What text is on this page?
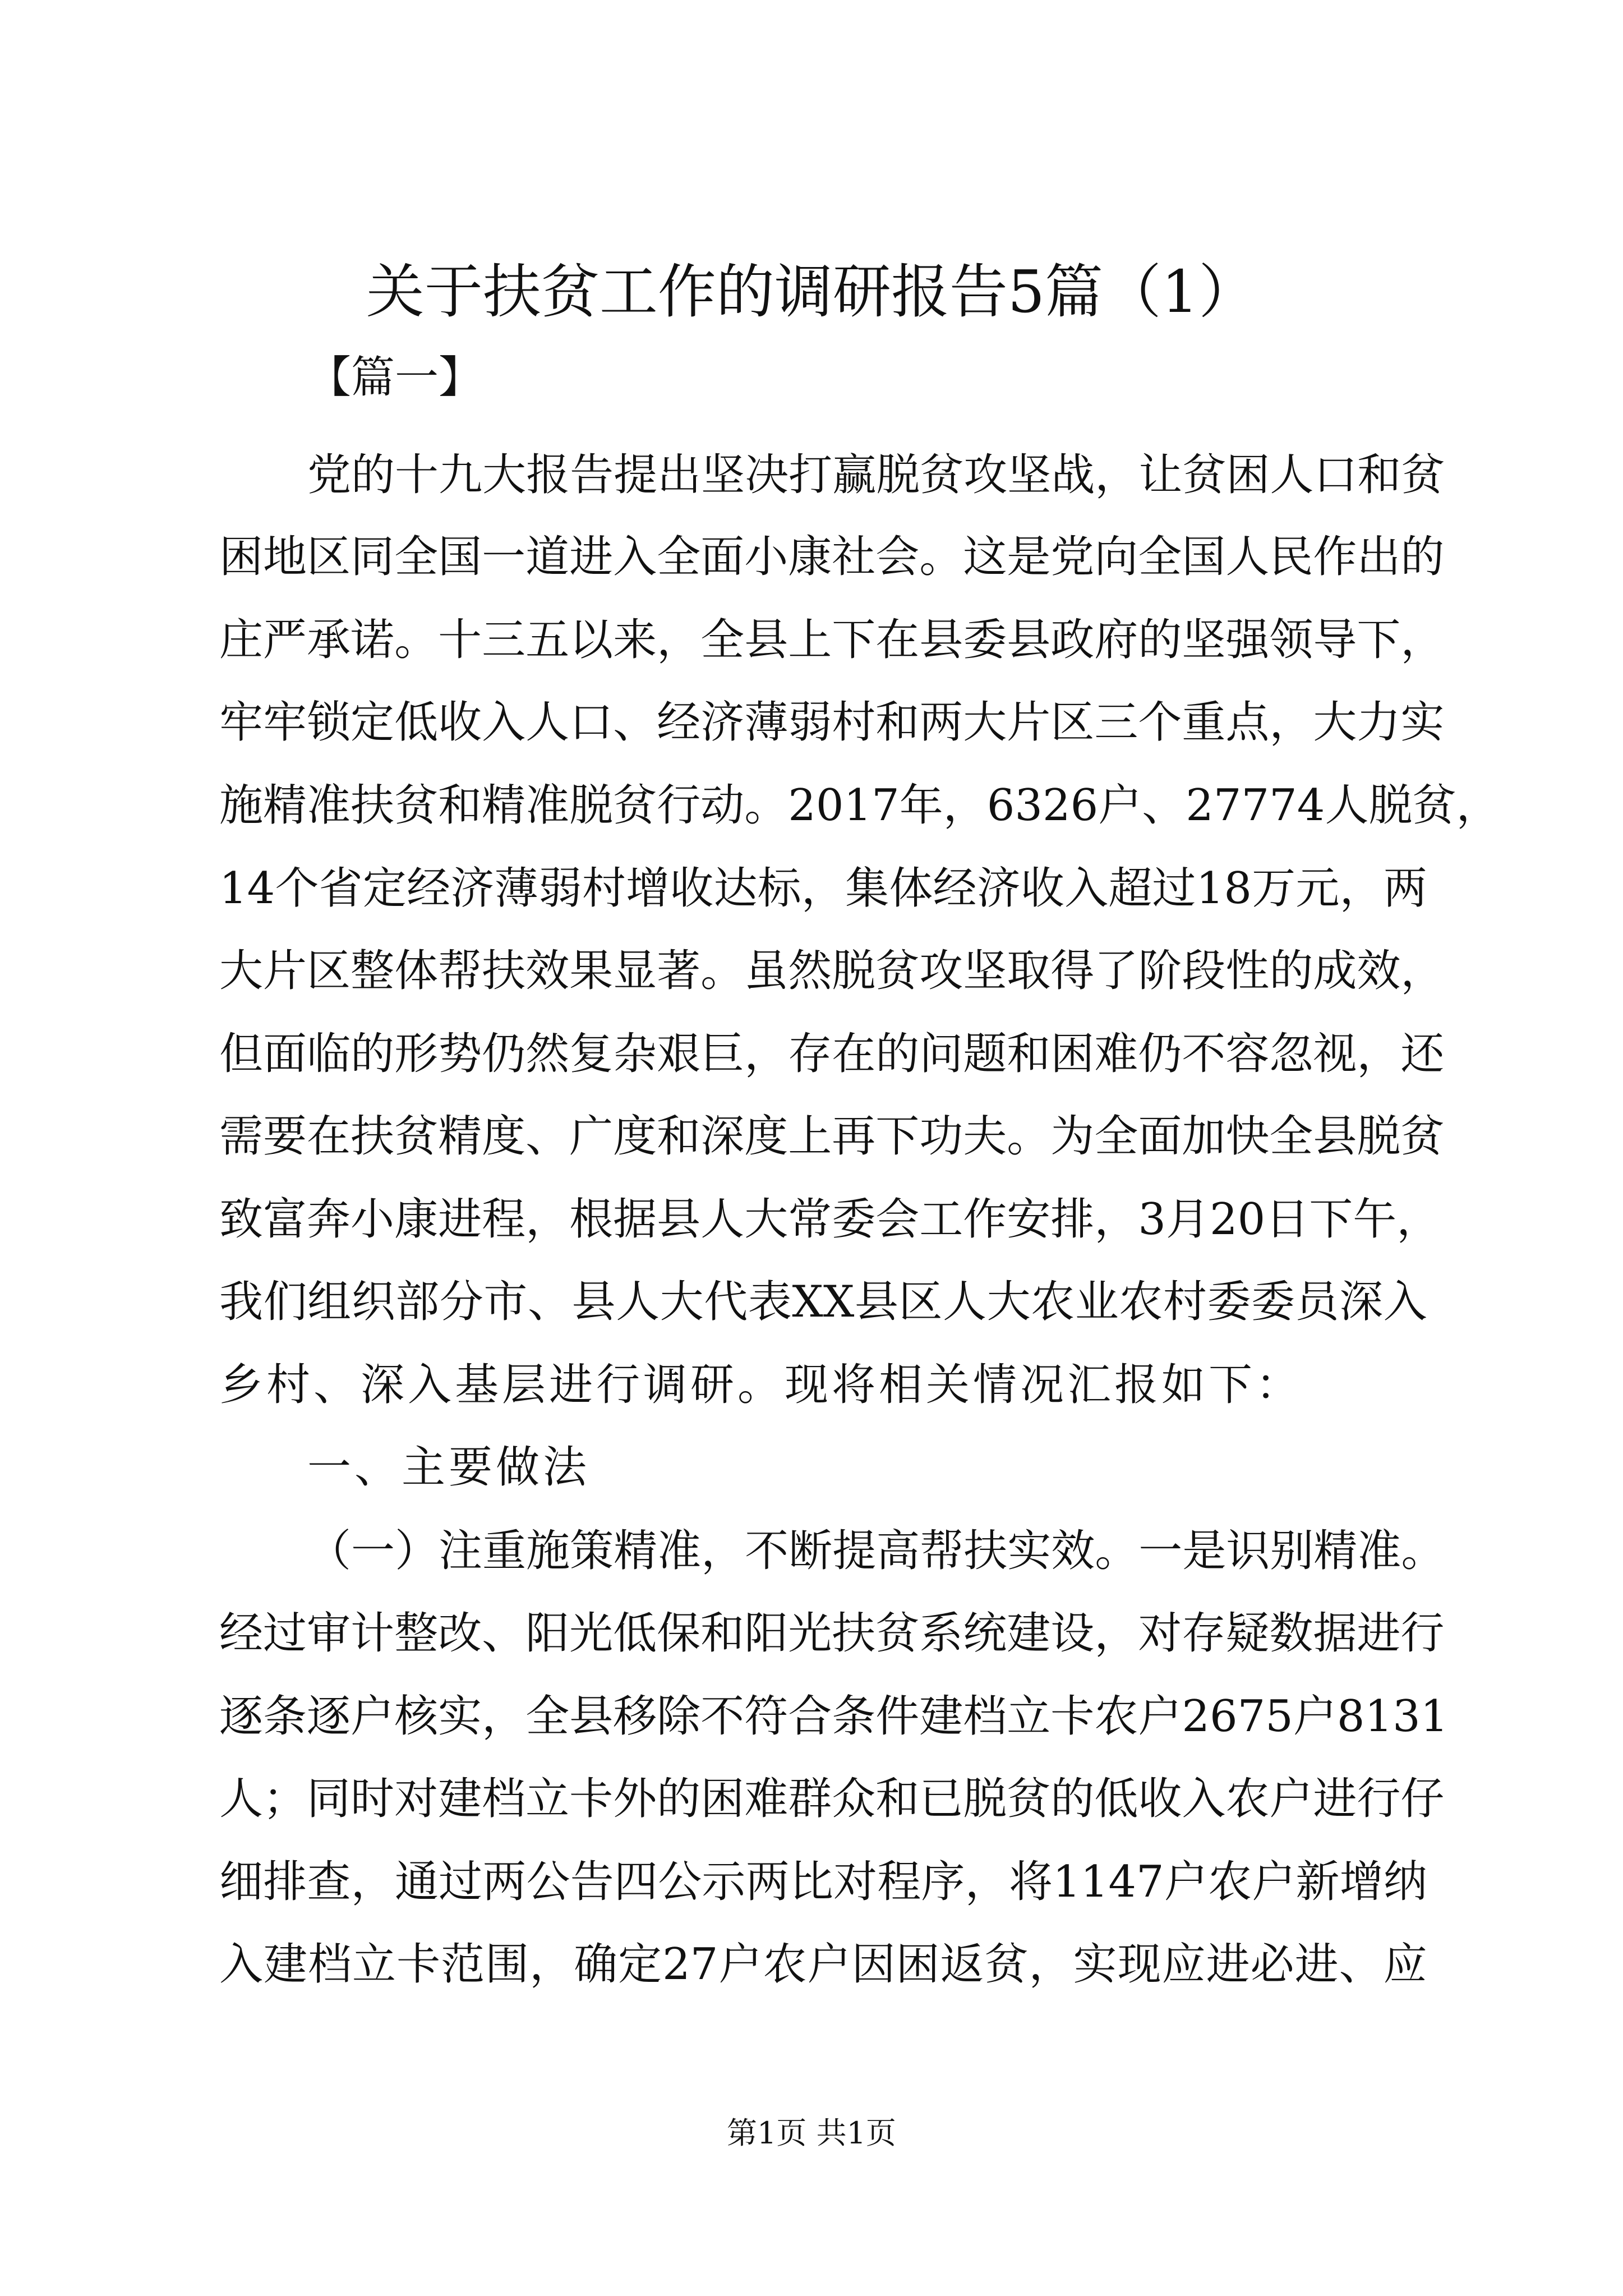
关于扶贫工作的调研报告5篇（1）
【篇一】
党 的 十 九 大 报 告 提 出 坚 决 打 赢 脱 贫 攻 坚 战 ， 让 贫 困 人 口 和 贫
困 地 区 同 全 国 一 道 进 入 全 面 小 康 社 会 。 这 是 党 向 全 国 人 民 作 出 的
庄 严 承 诺 。 十 三 五 以 来 ， 全 县 上 下 在 县 委 县 政 府 的 坚 强 领 导 下 ，
牢 牢 锁 定 低 收 入 人 口 、 经 济 薄 弱 村 和 两 大 片 区 三 个 重 点 ， 大 力 实
施 精 准 扶 贫 和 精 准 脱 贫 行 动 。 2017 年 ， 6326 户 、 27774 人 脱 贫 ，
14 个 省 定 经 济 薄 弱 村 增 收 达 标 ， 集 体 经 济 收 入 超 过 18 万 元 ， 两
大 片 区 整 体 帮 扶 效 果 显 著 。 虽 然 脱 贫 攻 坚 取 得 了 阶 段 性 的 成 效 ，
但 面 临 的 形 势 仍 然 复 杂 艰 巨 ， 存 在 的 问 题 和 困 难 仍 不 容 忽 视 ， 还
需 要 在 扶 贫 精 度 、 广 度 和 深 度 上 再 下 功 夫 。 为 全 面 加 快 全 县 脱 贫
致 富 奔 小 康 进 程 ， 根 据 县 人 大 常 委 会 工 作 安 排 ， 3 月 20 日 下 午 ，
我 们 组 织 部 分 市 、 县 人 大 代 表 XX 县 区 人 大 农 业 农 村 委 委 员 深 入
乡村、深入基层进行调研。现将相关情况汇报如下：
一、主要做法
（ 一 ） 注 重 施 策 精 准 ， 不 断 提 高 帮 扶 实 效 。 一 是 识 别 精 准 。
经 过 审 计 整 改 、 阳 光 低 保 和 阳 光 扶 贫 系 统 建 设 ， 对 存 疑 数 据 进 行
逐 条 逐 户 核 实 ， 全 县 移 除 不 符 合 条 件 建 档 立 卡 农 户 2675 户 8131
人 ； 同 时 对 建 档 立 卡 外 的 困 难 群 众 和 已 脱 贫 的 低 收 入 农 户 进 行 仔
细 排 查 ， 通 过 两 公 告 四 公 示 两 比 对 程 序 ， 将 1147 户 农 户 新 增 纳
入 建 档 立 卡 范 围 ， 确 定 27 户 农 户 因 困 返 贫 ， 实 现 应 进 必 进 、 应
第1页 共1页
